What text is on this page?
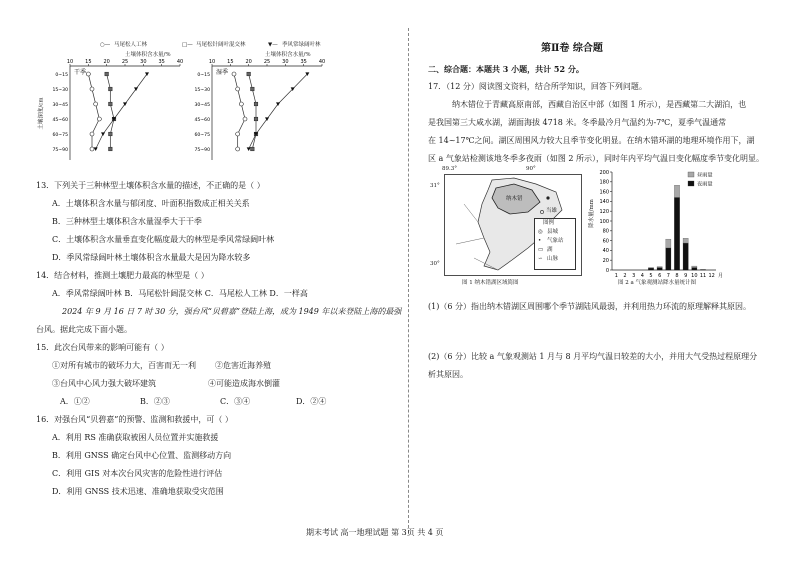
○— 马尾松人工林	□— 马尾松针阔叶混交林	▼— 季风常绿阔叶林
土壤体积含水量/%	土壤体积含水量/%
土壤深度/cm
10 15 20 25 30 35 40
0~15
15~30
30~45
45~60
60~75
75~90
干季
10 15 20 25 30 35 40
0~15
15~30
30~45
45~60
60~75
75~90
湿季
13．下列关于三种林型土壤体积含水量的描述，不正确的是（ ）
A．土壤体积含水量与郁闭度、叶面积指数成正相关关系
B．三种林型土壤体积含水量湿季大于干季
C．土壤体积含水量垂直变化幅度最大的林型是季风常绿阔叶林
D．季风常绿阔叶林土壤体积含水量最大是因为降水较多
14．结合材料，推测土壤肥力最高的林型是（ ）
A．季风常绿阔叶林 B．马尾松针阔混交林 C．马尾松人工林 D．一样高
2024 年 9 月 16 日 7 时 30 分，强台风“贝碧嘉”登陆上海，成为 1949 年以来登陆上海的最强
台风。据此完成下面小题。
15．此次台风带来的影响可能有（ ）
①对所有城市的破坏力大，百害而无一利 ②危害近海养殖
③台风中心风力强大破坏建筑	④可能造成海水倒灌
A．①②	B．②③	C．③④	D．②④
16．对强台风“贝碧嘉”的预警、监测和救援中，可（ ）
A．利用 RS 准确获取被困人员位置并实施救援
B．利用 GNSS 确定台风中心位置、监测移动方向
C．利用 GIS 对本次台风灾害的危险性进行评估
D．利用 GNSS 技术迅速、准确地获取受灾范围
第Ⅱ卷 综合题
二、综合题：本题共 3 小题，共计 52 分。
17．（12 分）阅读图文资料，结合所学知识，回答下列问题。
纳木错位于青藏高原南部，西藏自治区中部（如图 1 所示），是西藏第二大湖泊，也
是我国第三大咸水湖，湖面海拔 4718 米。冬季最冷月气温约为-7℃，夏季气温通常
在 14~17℃之间。湖区周围风力较大且季节变化明显。在纳木错环湖的地理环境作用下，湖
区 a 气象站检测该地冬季多夜雨（如图 2 所示），同时年内平均气温日变化幅度季节变化明显。
89.3°	90°
31°
30°
纳木错
当雄
图例
◎ 县城
• 气象站
▭ 湖
∽ 山脉
图 1 纳木错湖区域简图
降水量/mm
0
20
40
60
80
100
120
140
160
180
200
1 2 3 4 5 6 7 8 9 10 11 12 月
昼雨量
夜雨量
图 2 a 气象观测站降水量统计图
(1)（6 分）指出纳木错湖区周围哪个季节湖陆风最弱，并利用热力环流的原理解释其原因。
(2)（6 分）比较 a 气象观测站 1 月与 8 月平均气温日较差的大小，并用大气受热过程原理分
析其原因。
期末考试 高一地理试题 第 3页 共 4 页
